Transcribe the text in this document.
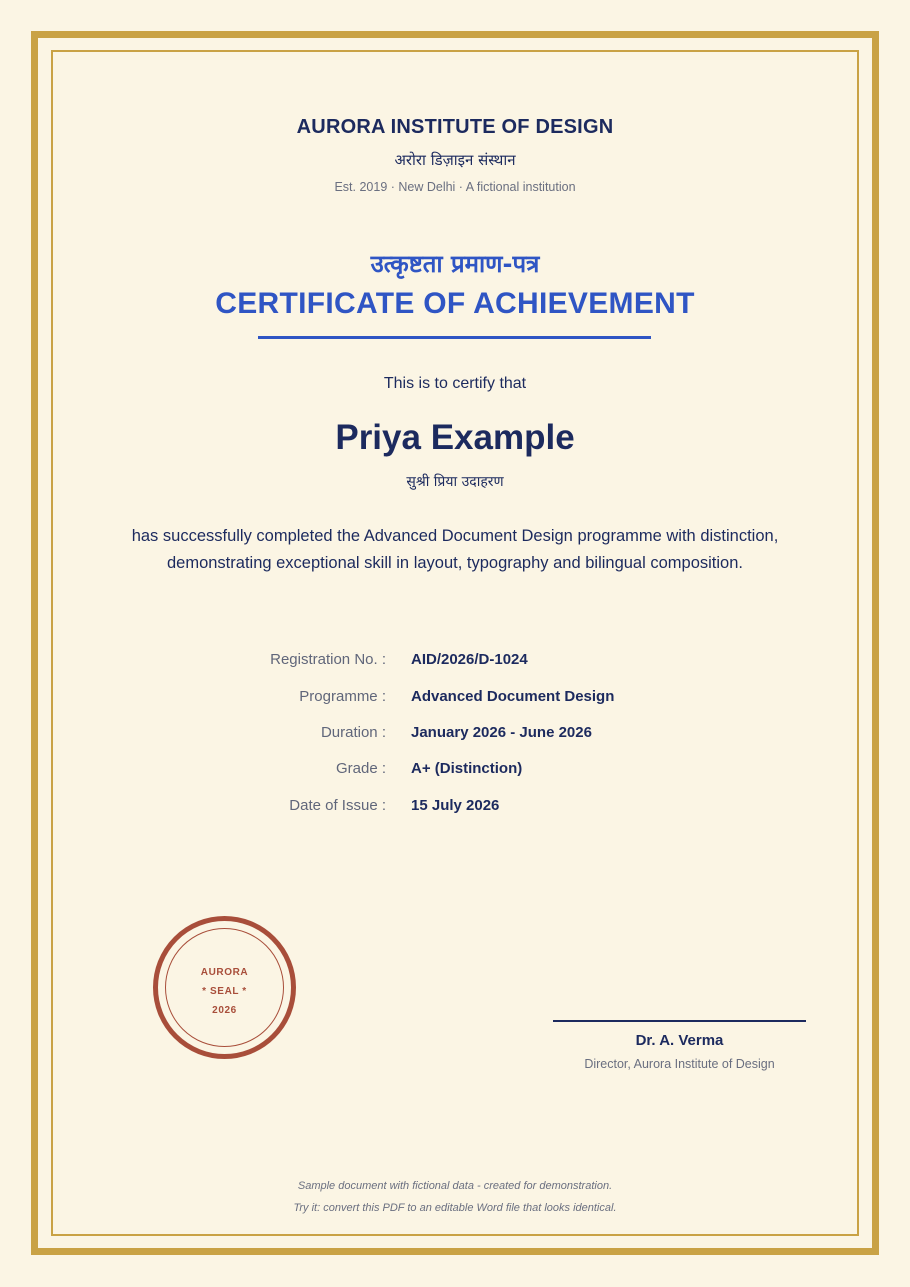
AURORA INSTITUTE OF DESIGN
अरोरा डिज़ाइन संस्थान
Est. 2019 · New Delhi · A fictional institution
उत्कृष्टता प्रमाण-पत्र
CERTIFICATE OF ACHIEVEMENT
This is to certify that
Priya Example
सुश्री प्रिया उदाहरण
has successfully completed the Advanced Document Design programme with distinction,
demonstrating exceptional skill in layout, typography and bilingual composition.
Registration No. : AID/2026/D-1024
Programme : Advanced Document Design
Duration : January 2026 - June 2026
Grade : A+ (Distinction)
Date of Issue : 15 July 2026
AURORA
* SEAL *
2026
Dr. A. Verma
Director, Aurora Institute of Design
Sample document with fictional data - created for demonstration.
Try it: convert this PDF to an editable Word file that looks identical.
